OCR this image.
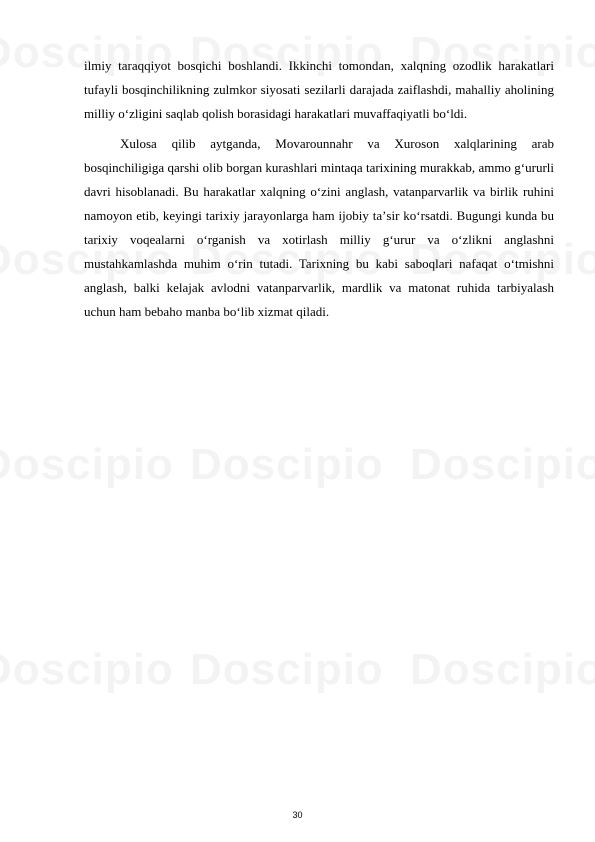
ilmiy taraqqiyot bosqichi boshlandi. Ikkinchi tomondan, xalqning ozodlik harakatlari tufayli bosqinchilikning zulmkor siyosati sezilarli darajada zaiflashdi, mahalliy aholining milliy o‘zligini saqlab qolish borasidagi harakatlari muvaffaqiyatli bo‘ldi.

Xulosa qilib aytganda, Movarounnahr va Xuroson xalqlarining arab bosqinchiligiga qarshi olib borgan kurashlari mintaqa tarixining murakkab, ammo g‘ururli davri hisoblanadi. Bu harakatlar xalqning o‘zini anglash, vatanparvarlik va birlik ruhini namoyon etib, keyingi tarixiy jarayonlarga ham ijobiy taʼsir ko‘rsatdi. Bugungi kunda bu tarixiy voqealarni o‘rganish va xotirlash milliy g‘urur va o‘zlikni anglashni mustahkamlashda muhim o‘rin tutadi. Tarixning bu kabi saboqlari nafaqat o‘tmishni anglash, balki kelajak avlodni vatanparvarlik, mardlik va matonat ruhida tarbiyalash uchun ham bebaho manba bo‘lib xizmat qiladi.

30
